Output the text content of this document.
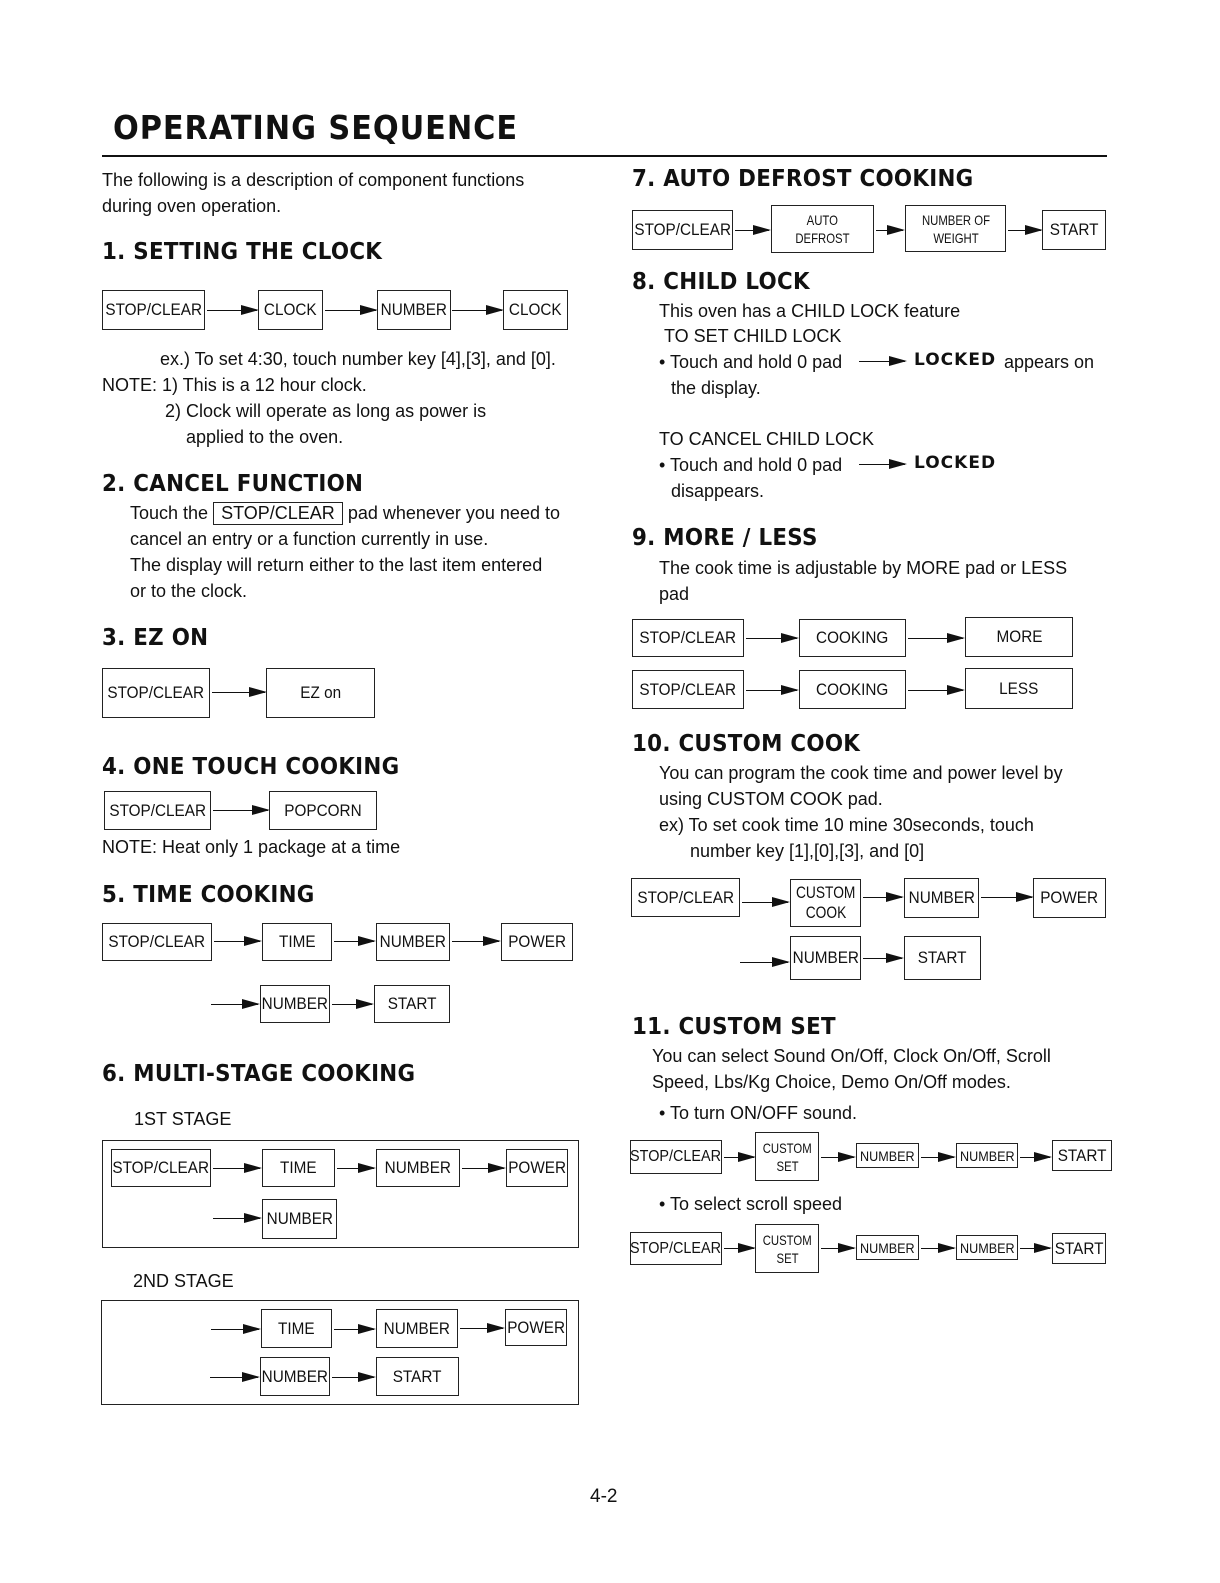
OPERATING SEQUENCE
The following is a description of component functions
during oven operation.
1. SETTING THE CLOCK
STOP/CLEAR	CLOCK	NUMBER	CLOCK
ex.) To set 4:30, touch number key [4],[3], and [0].
NOTE: 1) This is a 12 hour clock.
2) Clock will operate as long as power is
applied to the oven.
2. CANCEL FUNCTION
Touch the STOP/CLEAR pad whenever you need to
cancel an entry or a function currently in use.
The display will return either to the last item entered
or to the clock.
3. EZ ON
STOP/CLEAR	EZ on
4. ONE TOUCH COOKING
STOP/CLEAR	POPCORN
NOTE: Heat only 1 package at a time
5. TIME COOKING
STOP/CLEAR	TIME	NUMBER	POWER
NUMBER	START
6. MULTI-STAGE COOKING
1ST STAGE
STOP/CLEAR	TIME	NUMBER	POWER
NUMBER
2ND STAGE
TIME	NUMBER	POWER
NUMBER	START
7. AUTO DEFROST COOKING
STOP/CLEAR	AUTO
DEFROST
NUMBER OF
WEIGHT	START
8. CHILD LOCK
This oven has a CHILD LOCK feature
TO SET CHILD LOCK
• Touch and hold 0 pad	LOCKED appears on
the display.
TO CANCEL CHILD LOCK
• Touch and hold 0 pad	LOCKED
disappears.
9. MORE / LESS
The cook time is adjustable by MORE pad or LESS
pad
STOP/CLEAR	COOKING	MORE
STOP/CLEAR	COOKING	LESS
10. CUSTOM COOK
You can program the cook time and power level by
using CUSTOM COOK pad.
ex) To set cook time 10 mine 30seconds, touch
number key [1],[0],[3], and [0]
STOP/CLEAR	CUSTOM
COOK
NUMBER	POWER
NUMBER	START
11. CUSTOM SET
You can select Sound On/Off, Clock On/Off, Scroll
Speed, Lbs/Kg Choice, Demo On/Off modes.
• To turn ON/OFF sound.
STOP/CLEAR
CUSTOM
SET
NUMBER	NUMBER	START
• To select scroll speed
STOP/CLEAR	CUSTOM
SET
NUMBER	NUMBER START
4-2
